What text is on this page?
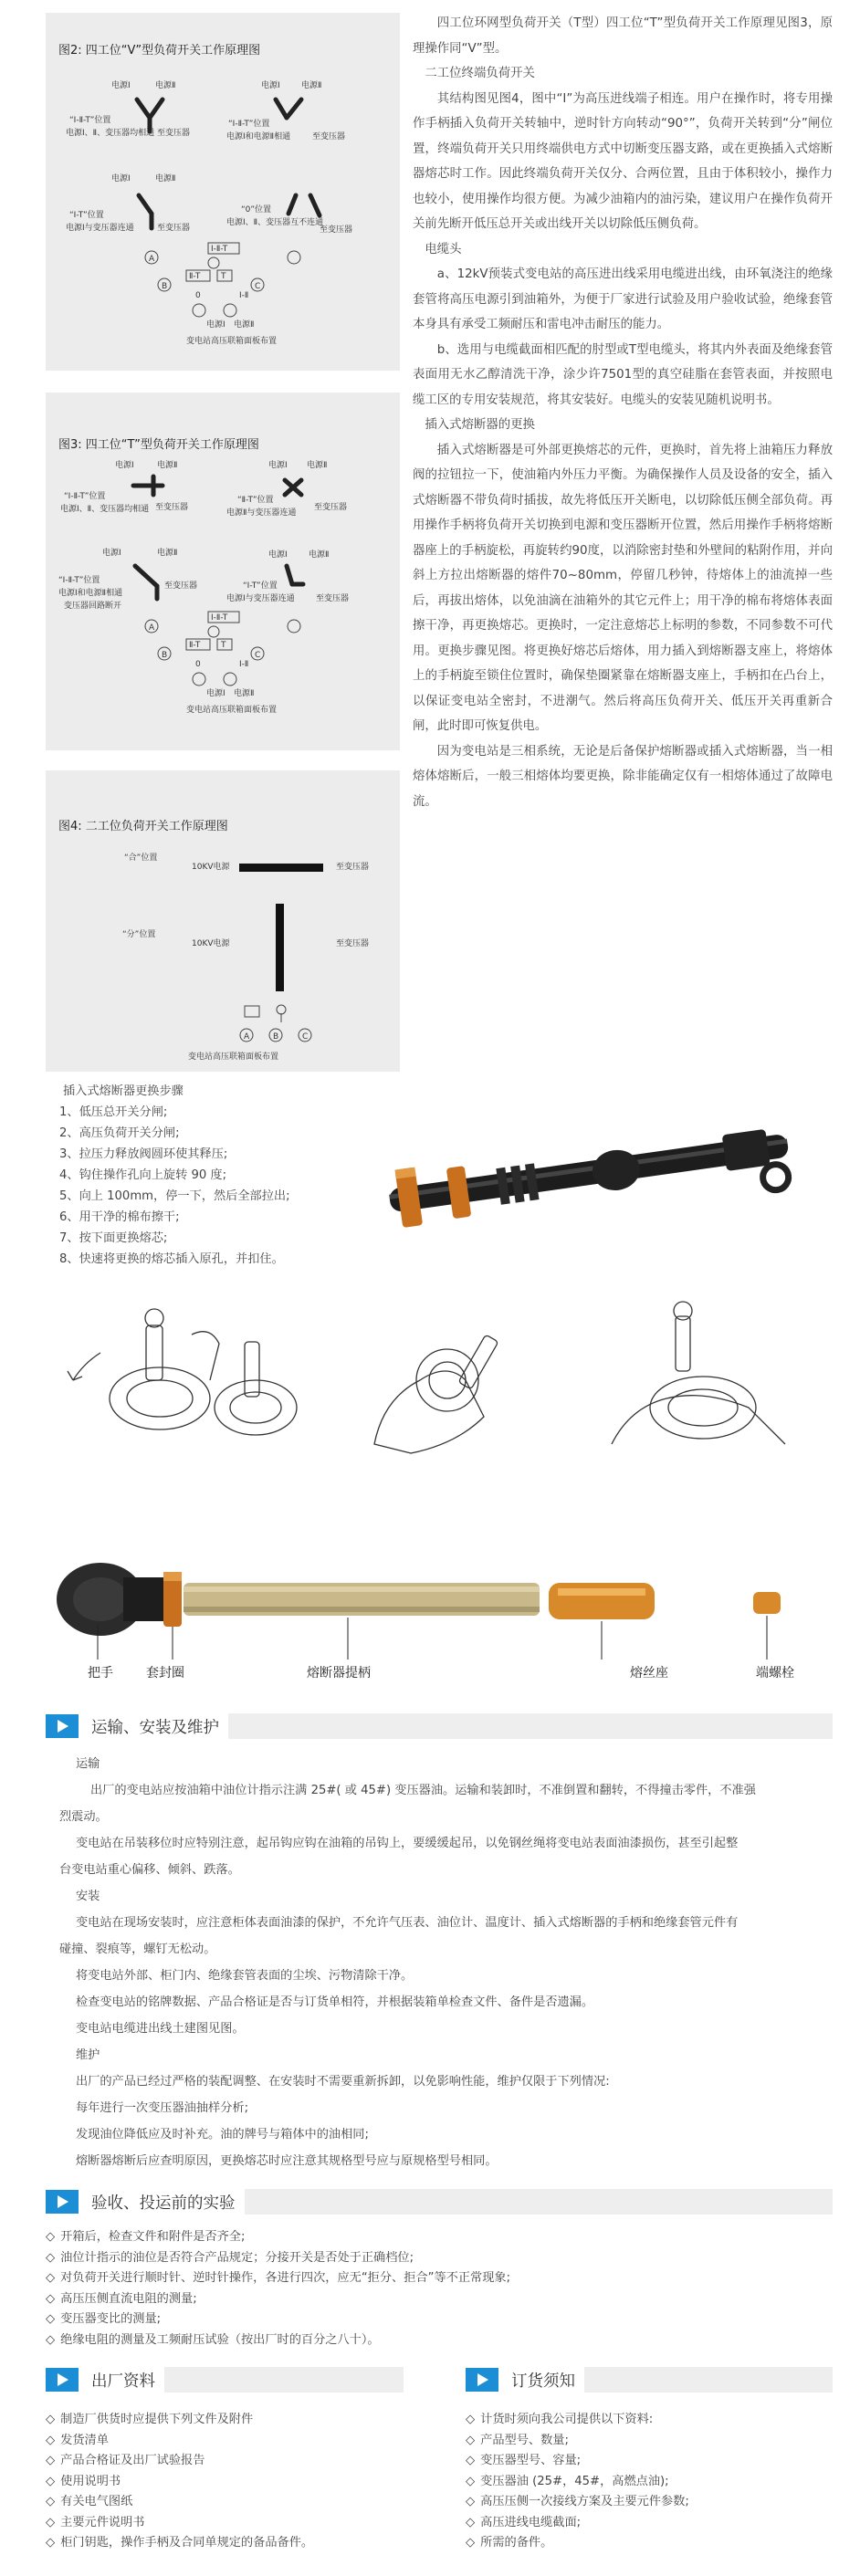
图2: 四工位“V”型负荷开关工作原理图
电源Ⅰ	电源Ⅱ
“Ⅰ-Ⅱ-T”位置
电源Ⅰ、Ⅱ、变压器均相通 至变压器
电源Ⅰ	电源Ⅱ
“Ⅰ-Ⅱ-T”位置
电源Ⅰ和电源Ⅱ相通	至变压器
电源Ⅰ	电源Ⅱ
“Ⅰ-T”位置
电源Ⅰ与变压器连通	至变压器
“0”位置
电源Ⅰ、Ⅱ、变压器互不连通
至变压器
Ⅰ-Ⅱ-T
Ⅱ-T	T
0	Ⅰ-Ⅱ
A
B	C
电源Ⅰ 电源Ⅱ
变电站高压联箱面板布置
图3: 四工位“T”型负荷开关工作原理图
电源Ⅰ	电源Ⅱ
“Ⅰ-Ⅱ-T”位置
电源Ⅰ、Ⅱ、变压器均相通 至变压器
电源Ⅰ 电源Ⅱ
“Ⅱ-T”位置
电源Ⅱ与变压器连通
至变压器
电源Ⅰ	电源Ⅱ
“Ⅰ-Ⅱ-T”位置
电源Ⅰ和电源Ⅱ相通
变压器回路断开
至变压器
电源Ⅰ	电源Ⅱ
“Ⅰ-T”位置
电源Ⅰ与变压器连通	至变压器
Ⅰ-Ⅱ-T
Ⅱ-T	T
0	Ⅰ-Ⅱ
A
B	C
电源Ⅰ 电源Ⅱ
变电站高压联箱面板布置
图4: 二工位负荷开关工作原理图
“合”位置
10KV电源	至变压器
“分”位置
10KV电源	至变压器
A	B	C
变电站高压联箱面板布置

四工位环网型负荷开关（T型）四工位“T”型负荷开关工作原理见图3，原理操作同“V”型。

二工位终端负荷开关

其结构图见图4，图中“I”为高压进线端子相连。用户在操作时，将专用操作手柄插入负荷开关转轴中，逆时针方向转动“90°”，负荷开关转到“分”闸位置，终端负荷开关只用终端供电方式中切断变压器支路，或在更换插入式熔断器熔芯时工作。因此终端负荷开关仅分、合两位置，且由于体积较小，操作力也较小，使用操作均很方便。为减少油箱内的油污染，建议用户在操作负荷开关前先断开低压总开关或出线开关以切除低压侧负荷。

电缆头

a、12kV预装式变电站的高压进出线采用电缆进出线，由环氧浇注的绝缘套管将高压电源引到油箱外，为便于厂家进行试验及用户验收试验，绝缘套管本身具有承受工频耐压和雷电冲击耐压的能力。

b、选用与电缆截面相匹配的肘型或T型电缆头，将其内外表面及绝缘套管表面用无水乙醇清洗干净，涂少许7501型的真空硅脂在套管表面，并按照电缆工区的专用安装规范，将其安装好。电缆头的安装见随机说明书。

插入式熔断器的更换

插入式熔断器是可外部更换熔芯的元件，更换时，首先将上油箱压力释放阀的拉钮拉一下，使油箱内外压力平衡。为确保操作人员及设备的安全，插入式熔断器不带负荷时插拔，故先将低压开关断电，以切除低压侧全部负荷。再用操作手柄将负荷开关切换到电源和变压器断开位置，然后用操作手柄将熔断器座上的手柄旋松，再旋转约90度，以消除密封垫和外壁间的粘附作用，并向斜上方拉出熔断器的熔件70~80mm，停留几秒钟，待熔体上的油流掉一些后，再拔出熔体，以免油滴在油箱外的其它元件上；用干净的棉布将熔体表面擦干净，再更换熔芯。更换时，一定注意熔芯上标明的参数，不同参数不可代用。更换步骤见图。将更换好熔芯后熔体，用力插入到熔断器支座上，将熔体上的手柄旋至锁住位置时，确保垫圈紧靠在熔断器支座上，手柄扣在凸台上，以保证变电站全密封，不进潮气。然后将高压负荷开关、低压开关再重新合闸，此时即可恢复供电。

因为变电站是三相系统，无论是后备保护熔断器或插入式熔断器，当一相熔体熔断后，一般三相熔体均要更换，除非能确定仅有一相熔体通过了故障电流。

插入式熔断器更换步骤
1、低压总开关分闸;
2、高压负荷开关分闸;
3、拉压力释放阀圆环使其释压;
4、钩住操作孔向上旋转 90 度;
5、向上 100mm，停一下，然后全部拉出;
6、用干净的棉布擦干;
7、按下面更换熔芯;
8、快速将更换的熔芯插入原孔，并扣住。
把手	套封圈	熔断器提柄	熔丝座	端螺栓
运输、安装及维护
运输
出厂的变电站应按油箱中油位计指示注满 25#( 或 45#) 变压器油。运输和装卸时，不准倒置和翻转，不得撞击零件，不准强
烈震动。
变电站在吊装移位时应特别注意，起吊钩应钩在油箱的吊钩上，要缓缓起吊，以免钢丝绳将变电站表面油漆损伤，甚至引起整
台变电站重心偏移、倾斜、跌落。
安装
变电站在现场安装时，应注意柜体表面油漆的保护，不允许气压表、油位计、温度计、插入式熔断器的手柄和绝缘套管元件有
碰撞、裂痕等，螺钉无松动。
将变电站外部、柜门内、绝缘套管表面的尘埃、污物清除干净。
检查变电站的铭牌数据、产品合格证是否与订货单相符，并根据装箱单检查文件、备件是否遗漏。
变电站电缆进出线土建图见图。
维护
出厂的产品已经过严格的装配调整、在安装时不需要重新拆卸，以免影响性能，维护仅限于下列情况:
每年进行一次变压器油抽样分析;
发现油位降低应及时补充。油的牌号与箱体中的油相同;
熔断器熔断后应查明原因，更换熔芯时应注意其规格型号应与原规格型号相同。
验收、投运前的实验
◇ 开箱后，检查文件和附件是否齐全;
◇ 油位计指示的油位是否符合产品规定；分接开关是否处于正确档位;
◇ 对负荷开关进行顺时针、逆时针操作，各进行四次，应无“拒分、拒合”等不正常现象;
◇ 高压压侧直流电阻的测量;
◇ 变压器变比的测量;
◇ 绝缘电阻的测量及工频耐压试验（按出厂时的百分之八十）。
出厂资料	订货须知
◇ 制造厂供货时应提供下列文件及附件
◇ 发货清单
◇ 产品合格证及出厂试验报告
◇ 使用说明书
◇ 有关电气图纸
◇ 主要元件说明书
◇ 柜门钥匙，操作手柄及合同单规定的备品备件。
◇ 计货时须向我公司提供以下资料:
◇ 产品型号、数量;
◇ 变压器型号、容量;
◇ 变压器油 (25#，45#，高燃点油);
◇ 高压压侧一次接线方案及主要元件参数;
◇ 高压进线电缆截面;
◇ 所需的备件。
